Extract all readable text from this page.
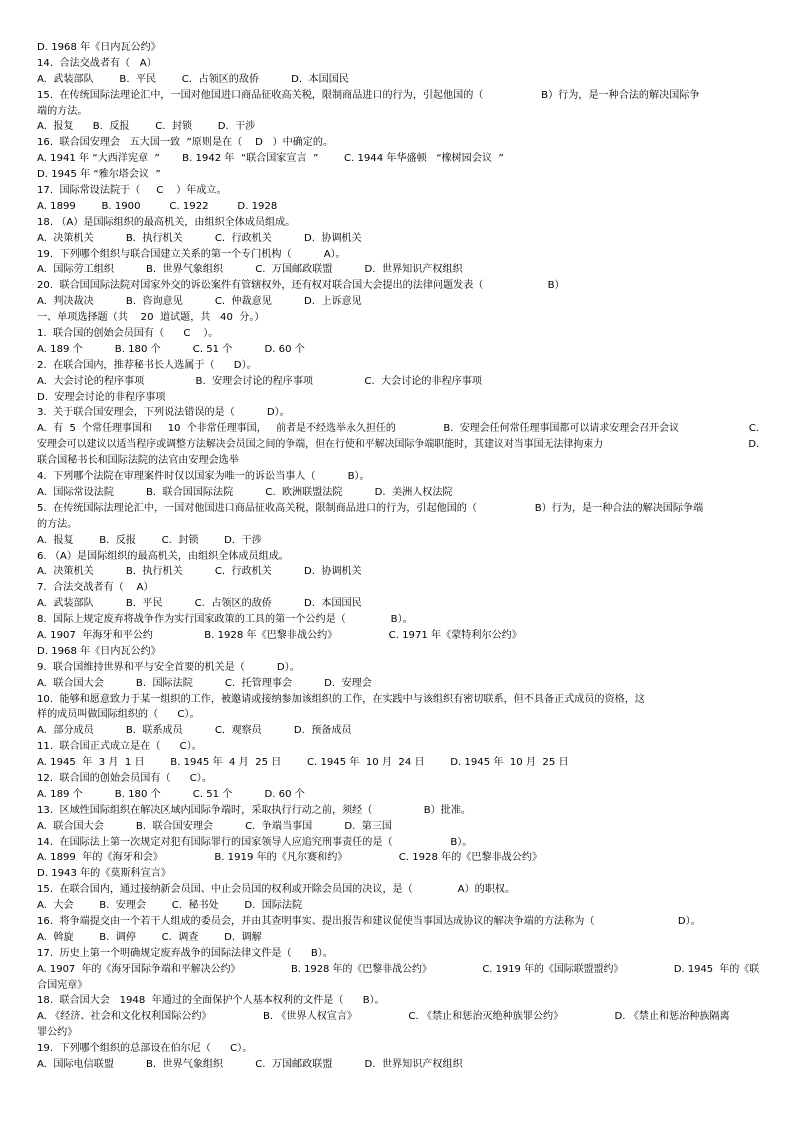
D. 1968 年《日内瓦公约》
14.  合法交战者有（   A）
A.  武装部队        B.  平民        C.  占领区的敌侨          D.  本国国民
15.  在传统国际法理论汇中，一国对他国进口商品征收高关税，限制商品进口的行为，引起他国的（                  B）行为，是一种合法的解决国际争
端的方法。
A.  报复      B.  反报        C.  封锁        D.  干涉
16.  联合国安理会   五大国一致  ”原则是在（    D   ）中确定的。
A. 1941 年 “大西洋宪章  ”       B. 1942 年  “联合国家宣言  ”        C. 1944 年华盛顿   “橡树园会议  ”
D. 1945 年 “雅尔塔会议  ”
17.  国际常设法院于（     C    ）年成立。
A. 1899        B. 1900         C. 1922         D. 1928
18. （A）是国际组织的最高机关，由组织全体成员组成。
A.  决策机关          B.  执行机关          C.  行政机关          D.  协调机关
19.  下列哪个组织与联合国建立关系的第一个专门机构（          A）。
A.  国际劳工组织          B.  世界气象组织          C.  万国邮政联盟          D.  世界知识产权组织
20.  联合国国际法院对国家外交的诉讼案件有管辖权外，还有权对联合国大会提出的法律问题发表（                    B）
A.  判决裁决          B.  咨询意见          C.  仲裁意见          D.  上诉意见
一、单项选择题（共    20  道试题，共   40  分。）
1.  联合国的创始会员国有（      C    ）。
A. 189 个          B. 180 个          C. 51 个          D. 60 个
2.  在联合国内，推荐秘书长人选属于（      D）。
A.  大会讨论的程序事项                B.  安理会讨论的程序事项                C.  大会讨论的非程序事项
D.  安理会讨论的非程序事项
3.  关于联合国安理会，下列说法错误的是（          D）。
A.  有  5  个常任理事国和     10  个非常任理事国，   前者是不经选举永久担任的               B.  安理会任何常任理事国都可以请求安理会召开会议                      C.
安理会可以建议以适当程序或调整方法解决会员国之间的争端，但在行使和平解决国际争端职能时，其建议对当事国无法律拘束力                                              D.
联合国秘书长和国际法院的法官由安理会选举
4.  下列哪个法院在审理案件时仅以国家为唯一的诉讼当事人（          B）。
A.  国际常设法院          B.  联合国国际法院          C.  欧洲联盟法院          D.  美洲人权法院
5.  在传统国际法理论汇中，一国对他国进口商品征收高关税，限制商品进口的行为，引起他国的（                  B）行为，是一种合法的解决国际争端
的方法。
A.  报复        B.  反报        C.  封锁        D.  干涉
6. （A）是国际组织的最高机关，由组织全体成员组成。
A.  决策机关          B.  执行机关          C.  行政机关          D.  协调机关
7.  合法交战者有（    A）
A.  武装部队          B.  平民          C.  占领区的敌侨          D.  本国国民
8.  国际上规定废弃将战争作为实行国家政策的工具的第一个公约是（              B）。
A. 1907  年海牙和平公约                B. 1928 年《巴黎非战公约》                C. 1971 年《蒙特利尔公约》
D. 1968 年《日内瓦公约》
9.  联合国维持世界和平与安全首要的机关是（          D）。
A.  联合国大会          B.  国际法院          C.  托管理事会          D.  安理会
10.  能够和愿意致力于某一组织的工作，被邀请或接纳参加该组织的工作，在实践中与该组织有密切联系，但不具备正式成员的资格，这
样的成员叫做国际组织的（      C）。
A.  部分成员          B.  联系成员          C.  观察员          D.  预备成员
11.  联合国正式成立是在（      C）。
A. 1945  年  3 月  1 日        B. 1945 年  4 月  25 日        C. 1945 年  10 月  24 日        D. 1945 年  10 月  25 日
12.  联合国的创始会员国有（      C）。
A. 189 个          B. 180 个          C. 51 个          D. 60 个
13.  区域性国际组织在解决区域内国际争端时，采取执行行动之前，须经（                B）批准。
A.  联合国大会          B.  联合国安理会          C.  争端当事国          D.  第三国
14.  在国际法上第一次规定对犯有国际罪行的国家领导人应追究刑事责任的是（                  B）。
A. 1899  年的《海牙和会》                B. 1919 年的《凡尔赛和约》                C. 1928 年的《巴黎非战公约》
D. 1943 年的《莫斯科宣言》
15.  在联合国内，通过接纳新会员国、中止会员国的权利或开除会员国的决议，是（              A）的职权。
A.  大会        B.  安理会        C.  秘书处        D.  国际法院
16.  将争端提交由一个若干人组成的委员会，并由其查明事实、提出报告和建议促使当事国达成协议的解决争端的方法称为（                          D）。
A.  斡旋        B.  调停        C.  调查        D.  调解
17.  历史上第一个明确规定废弃战争的国际法律文件是（      B）。
A. 1907  年的《海牙国际争端和平解决公约》                B. 1928 年的《巴黎非战公约》                C. 1919 年的《国际联盟盟约》                D. 1945  年的《联
合国宪章》
18.  联合国大会   1948  年通过的全面保护个人基本权利的文件是（      B）。
A. 《经济、社会和文化权利国际公约》                B. 《世界人权宣言》                C. 《禁止和惩治灭绝种族罪公约》                D. 《禁止和惩治种族隔离
罪公约》
19.  下列哪个组织的总部设在伯尔尼（      C）。
A.  国际电信联盟          B.  世界气象组织          C.  万国邮政联盟          D.  世界知识产权组织
